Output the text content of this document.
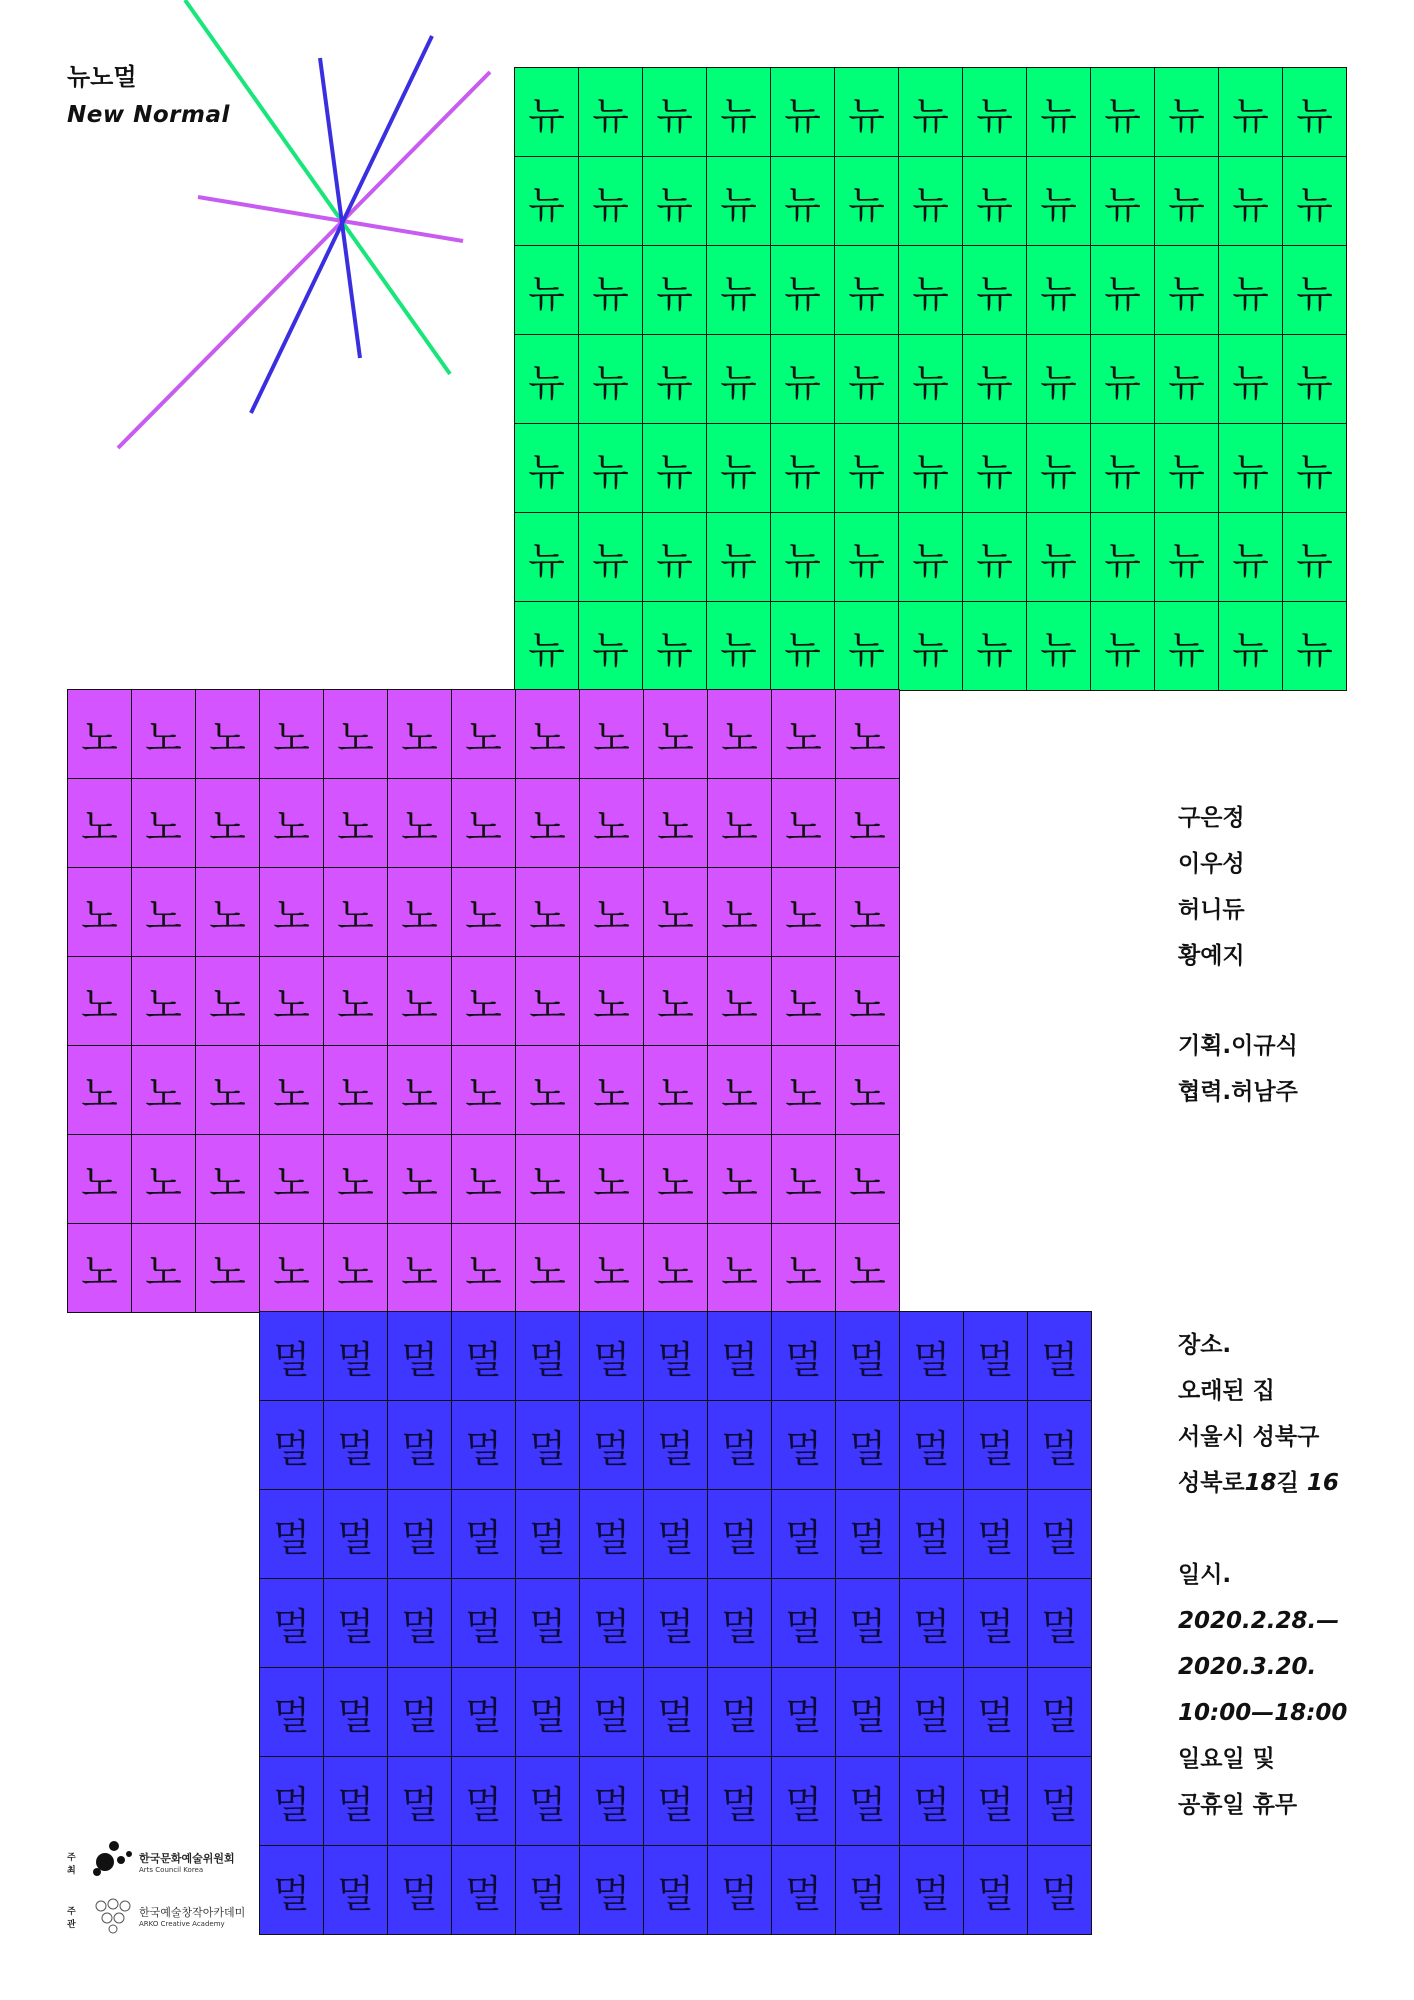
뉴노멀
New Normal	뉴 뉴 뉴 뉴 뉴 뉴 뉴 뉴 뉴 뉴 뉴 뉴 뉴
뉴 뉴 뉴 뉴 뉴 뉴 뉴 뉴 뉴 뉴 뉴 뉴 뉴
뉴 뉴 뉴 뉴 뉴 뉴 뉴 뉴 뉴 뉴 뉴 뉴 뉴
뉴 뉴 뉴 뉴 뉴 뉴 뉴 뉴 뉴 뉴 뉴 뉴 뉴
뉴 뉴 뉴 뉴 뉴 뉴 뉴 뉴 뉴 뉴 뉴 뉴 뉴
뉴 뉴 뉴 뉴 뉴 뉴 뉴 뉴 뉴 뉴 뉴 뉴 뉴
뉴 뉴 뉴 뉴 뉴 뉴 뉴 뉴 뉴 뉴 뉴 뉴 뉴
노 노 노 노 노 노 노 노 노 노 노 노 노
노 노 노 노 노 노 노 노 노 노 노 노 노
노 노 노 노 노 노 노 노 노 노 노 노 노
노 노 노 노 노 노 노 노 노 노 노 노 노
노 노 노 노 노 노 노 노 노 노 노 노 노
노 노 노 노 노 노 노 노 노 노 노 노 노
노 노 노 노 노 노 노 노 노 노 노 노 노
멀 멀 멀 멀 멀 멀 멀 멀 멀 멀 멀 멀 멀
멀 멀 멀 멀 멀 멀 멀 멀 멀 멀 멀 멀 멀
멀 멀 멀 멀 멀 멀 멀 멀 멀 멀 멀 멀 멀
멀 멀 멀 멀 멀 멀 멀 멀 멀 멀 멀 멀 멀
멀 멀 멀 멀 멀 멀 멀 멀 멀 멀 멀 멀 멀
멀 멀 멀 멀 멀 멀 멀 멀 멀 멀 멀 멀 멀
멀 멀 멀 멀 멀 멀 멀 멀 멀 멀 멀 멀 멀
구은정
이우성
허니듀
황예지
기획.이규식
협력.허남주
장소.
오래된 집
서울시 성북구
성북로18길 16
일시.
2020.2.28.—
2020.3.20.
10:00—18:00
일요일 및
공휴일 휴무
주최
한국문화예술위원회
Arts Council Korea
주관
한국예술창작아카데미
ARKO Creative Academy
